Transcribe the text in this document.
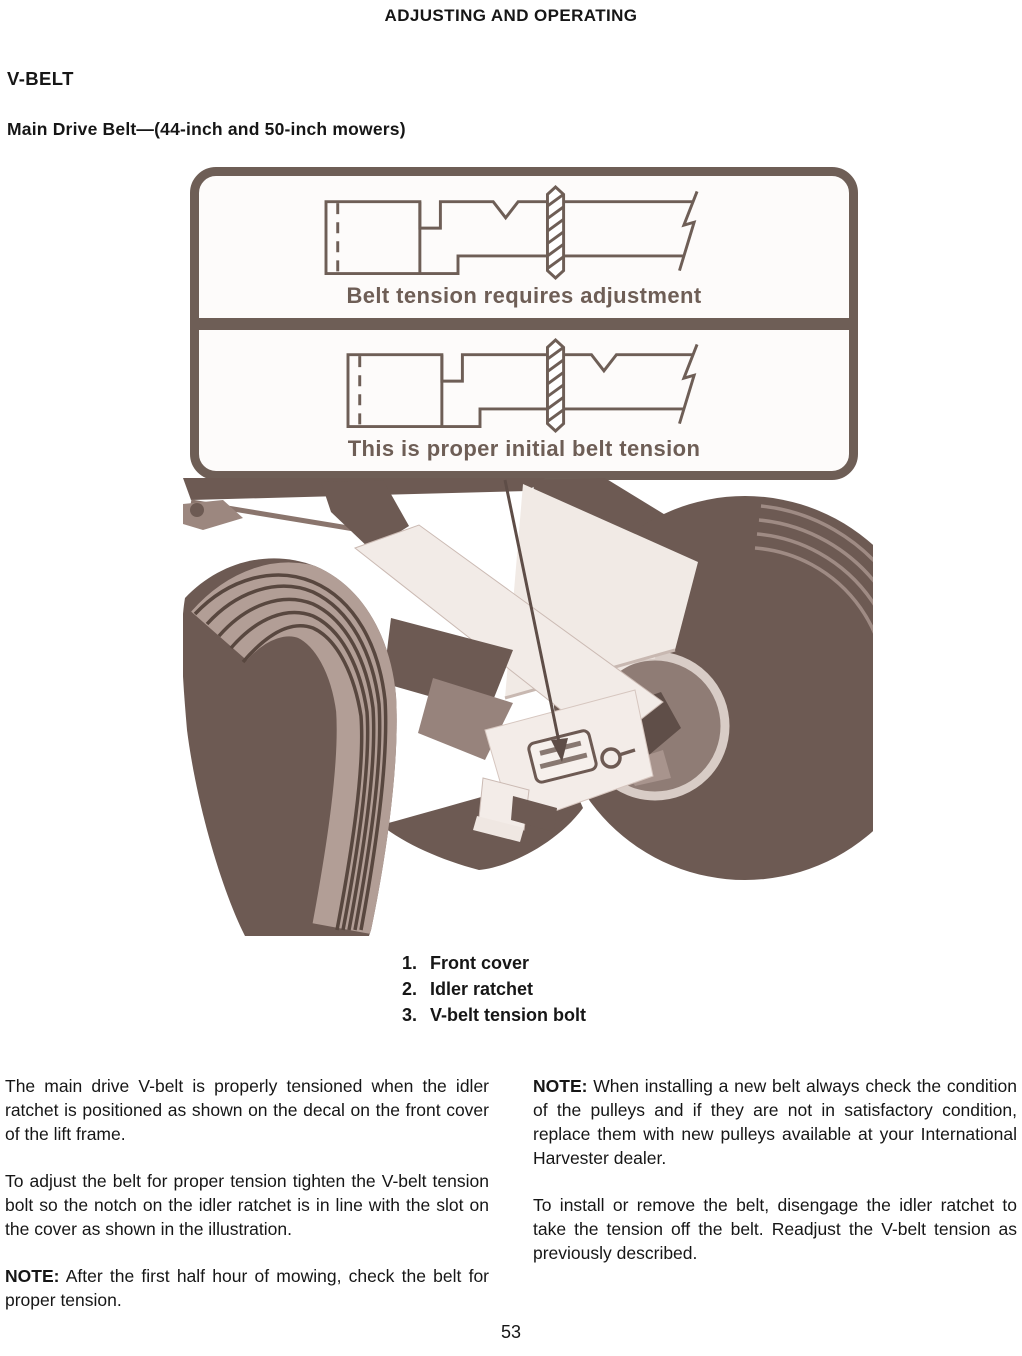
ADJUSTING AND OPERATING
V-BELT
Main Drive Belt—(44-inch and 50-inch mowers)
Belt tension requires adjustment
This is proper initial belt tension
1. Front cover
2. Idler ratchet
3. V-belt tension bolt

The main drive V-belt is properly tensioned when the idler ratchet is positioned as shown on the decal on the front cover of the lift frame.

To adjust the belt for proper tension tighten the V-belt tension bolt so the notch on the idler ratchet is in line with the slot on the cover as shown in the illustration.

NOTE: After the first half hour of mowing, check the belt for proper tension.

NOTE: When installing a new belt always check the condition of the pulleys and if they are not in satisfactory condition, replace them with new pulleys available at your International Harvester dealer.

To install or remove the belt, disengage the idler ratchet to take the tension off the belt. Readjust the V-belt tension as previously described.

53
